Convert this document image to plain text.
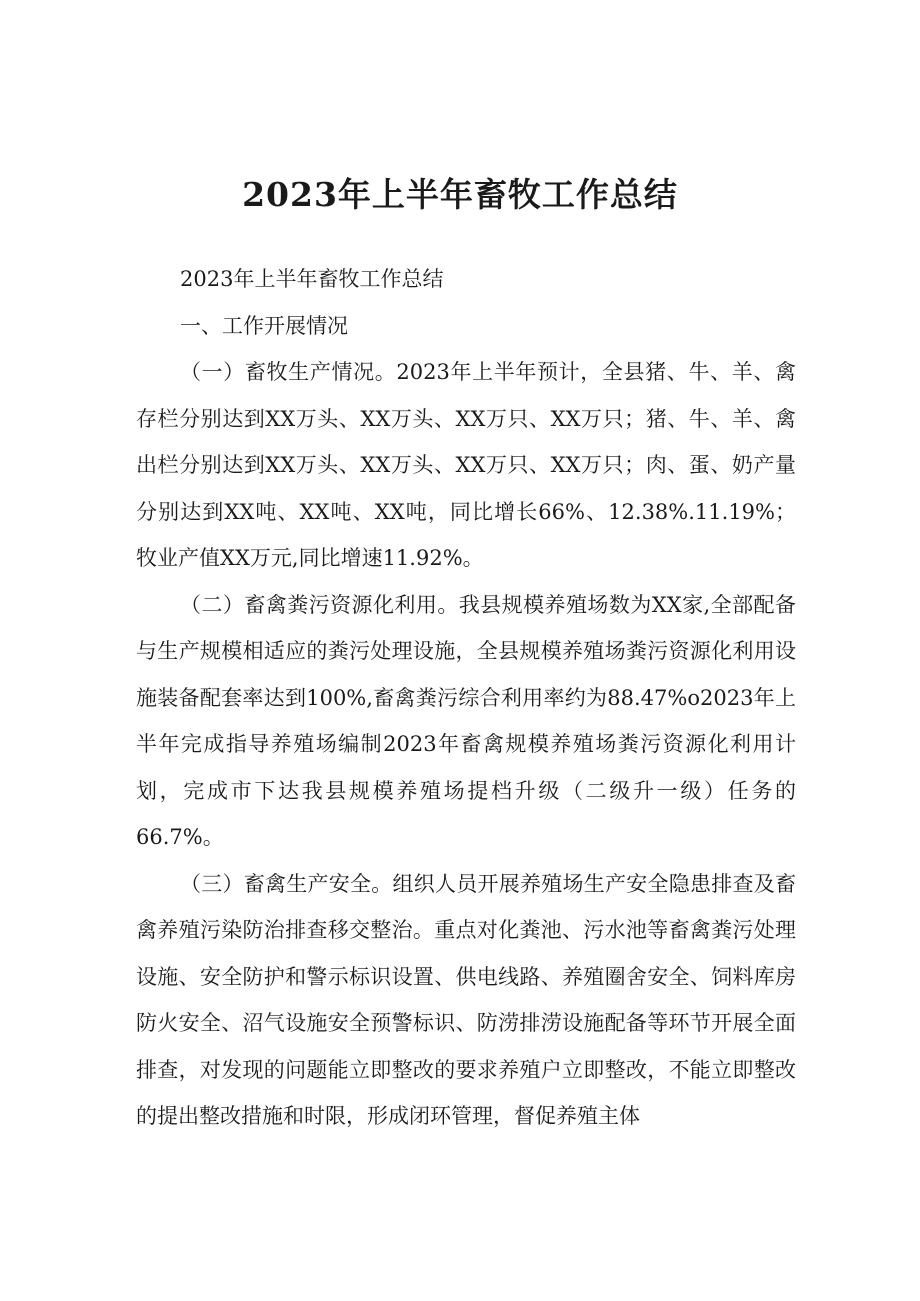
2023年上半年畜牧工作总结

2023年上半年畜牧工作总结

一、工作开展情况

（一）畜牧生产情况。2023年上半年预计，全县猪、牛、羊、禽存栏分别达到XX万头、XX万头、XX万只、XX万只；猪、牛、羊、禽出栏分别达到XX万头、XX万头、XX万只、XX万只；肉、蛋、奶产量分别达到XX吨、XX吨、XX吨，同比增长66%、12.38%.11.19%；牧业产值XX万元,同比增速11.92%。

（二）畜禽粪污资源化利用。我县规模养殖场数为XX家,全部配备与生产规模相适应的粪污处理设施，全县规模养殖场粪污资源化利用设施装备配套率达到100%,畜禽粪污综合利用率约为88.47%o2023年上半年完成指导养殖场编制2023年畜禽规模养殖场粪污资源化利用计划，完成市下达我县规模养殖场提档升级（二级升一级）任务的66.7%。

（三）畜禽生产安全。组织人员开展养殖场生产安全隐患排查及畜禽养殖污染防治排查移交整治。重点对化粪池、污水池等畜禽粪污处理设施、安全防护和警示标识设置、供电线路、养殖圈舍安全、饲料库房防火安全、沼气设施安全预警标识、防涝排涝设施配备等环节开展全面排查，对发现的问题能立即整改的要求养殖户立即整改，不能立即整改的提出整改措施和时限，形成闭环管理，督促养殖主体
